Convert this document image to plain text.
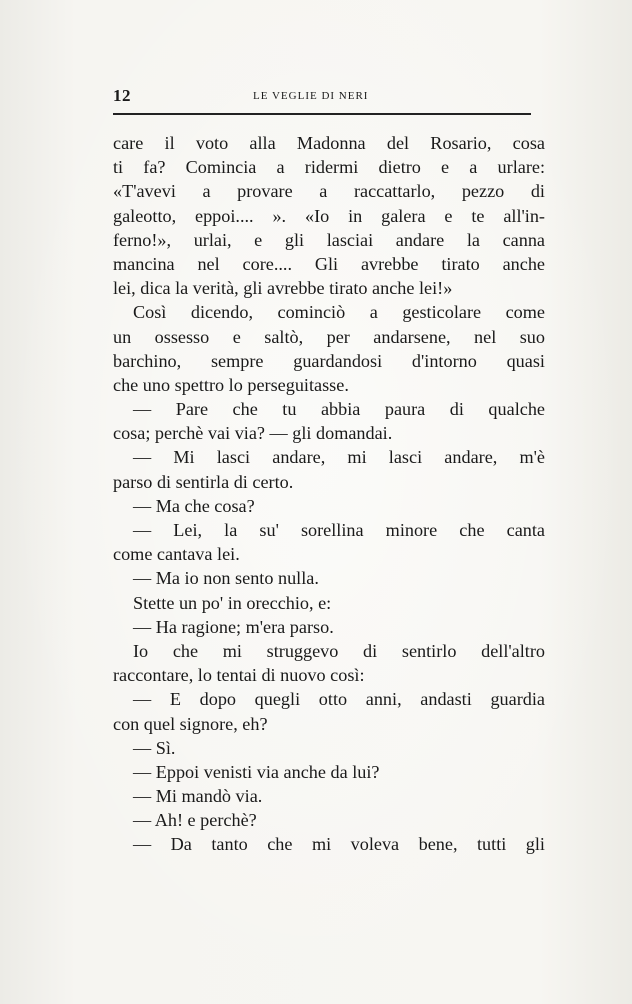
12	LE VEGLIE DI NERI
care il voto alla Madonna del Rosario, cosa
ti fa? Comincia a ridermi dietro e a urlare:
«T'avevi a provare a raccattarlo, pezzo di
galeotto, eppoi.... ». «Io in galera e te all'in-
ferno!», urlai, e gli lasciai andare la canna
mancina nel core.... Gli avrebbe tirato anche
lei, dica la verità, gli avrebbe tirato anche lei!»
Così dicendo, cominciò a gesticolare come
un ossesso e saltò, per andarsene, nel suo
barchino, sempre guardandosi d'intorno quasi
che uno spettro lo perseguitasse.
— Pare che tu abbia paura di qualche
cosa; perchè vai via? — gli domandai.
— Mi lasci andare, mi lasci andare, m'è
parso di sentirla di certo.
— Ma che cosa?
— Lei, la su' sorellina minore che canta
come cantava lei.
— Ma io non sento nulla.
Stette un po' in orecchio, e:
— Ha ragione; m'era parso.
Io che mi struggevo di sentirlo dell'altro
raccontare, lo tentai di nuovo così:
— E dopo quegli otto anni, andasti guardia
con quel signore, eh?
— Sì.
— Eppoi venisti via anche da lui?
— Mi mandò via.
— Ah! e perchè?
— Da tanto che mi voleva bene, tutti gli
